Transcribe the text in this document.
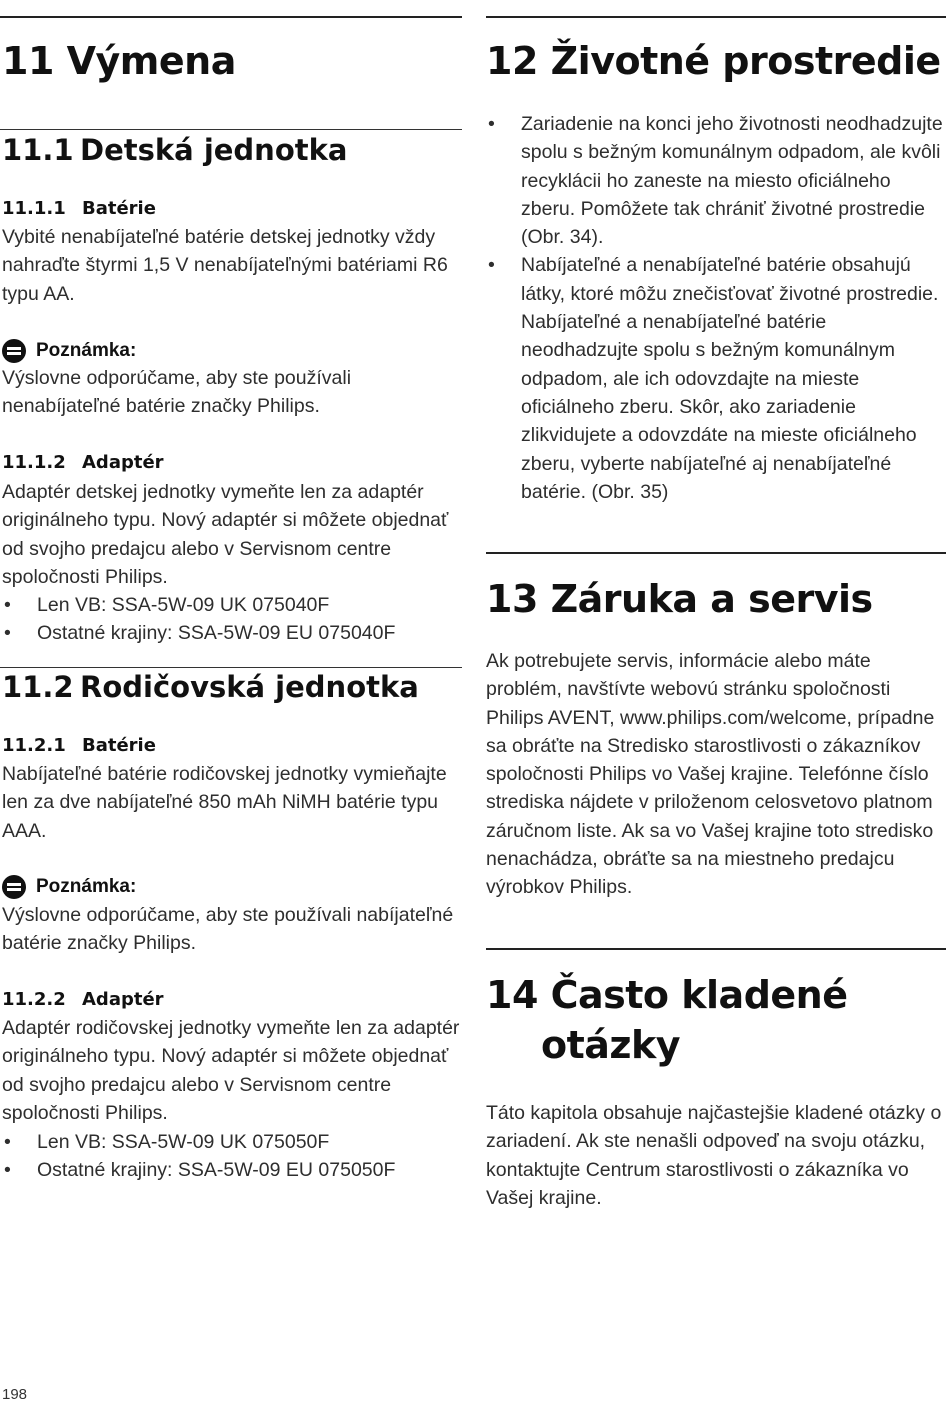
11 Výmena
11.1 Detská jednotka
11.1.1 Batérie

Vybité nenabíjateľné batérie detskej jednotky vždy nahraďte štyrmi 1,5 V nenabíjateľnými batériami R6 typu AA.

Poznámka:

Výslovne odporúčame, aby ste používali nenabíjateľné batérie značky Philips.

11.1.2 Adaptér

Adaptér detskej jednotky vymeňte len za adaptér originálneho typu. Nový adaptér si môžete objednať od svojho predajcu alebo v Servisnom centre spoločnosti Philips.

• Len VB: SSA-5W-09 UK 075040F
• Ostatné krajiny: SSA-5W-09 EU 075040F
11.2 Rodičovská jednotka
11.2.1 Batérie

Nabíjateľné batérie rodičovskej jednotky vymieňajte len za dve nabíjateľné 850 mAh NiMH batérie typu AAA.

Poznámka:

Výslovne odporúčame, aby ste používali nabíjateľné batérie značky Philips.

11.2.2 Adaptér

Adaptér rodičovskej jednotky vymeňte len za adaptér originálneho typu. Nový adaptér si môžete objednať od svojho predajcu alebo v Servisnom centre spoločnosti Philips.

• Len VB: SSA-5W-09 UK 075050F
• Ostatné krajiny: SSA-5W-09 EU 075050F
12 Životné prostredie
• Zariadenie na konci jeho životnosti neodhadzujte spolu s bežným komunálnym odpadom, ale kvôli recyklácii ho zaneste na miesto oficiálneho zberu. Pomôžete tak chrániť životné prostredie (Obr. 34).
• Nabíjateľné a nenabíjateľné batérie obsahujú látky, ktoré môžu znečisťovať životné prostredie. Nabíjateľné a nenabíjateľné batérie neodhadzujte spolu s bežným komunálnym odpadom, ale ich odovzdajte na mieste oficiálneho zberu. Skôr, ako zariadenie zlikvidujete a odovzdáte na mieste oficiálneho zberu, vyberte nabíjateľné aj nenabíjateľné batérie. (Obr. 35)
13 Záruka a servis

Ak potrebujete servis, informácie alebo máte problém, navštívte webovú stránku spoločnosti Philips AVENT, www.philips.com/welcome, prípadne sa obráťte na Stredisko starostlivosti o zákazníkov spoločnosti Philips vo Vašej krajine. Telefónne číslo strediska nájdete v priloženom celosvetovo platnom záručnom liste. Ak sa vo Vašej krajine toto stredisko nenachádza, obráťte sa na miestneho predajcu výrobkov Philips.

14 Často kladené
otázky

Táto kapitola obsahuje najčastejšie kladené otázky o zariadení. Ak ste nenašli odpoveď na svoju otázku, kontaktujte Centrum starostlivosti o zákazníka vo Vašej krajine.

198
